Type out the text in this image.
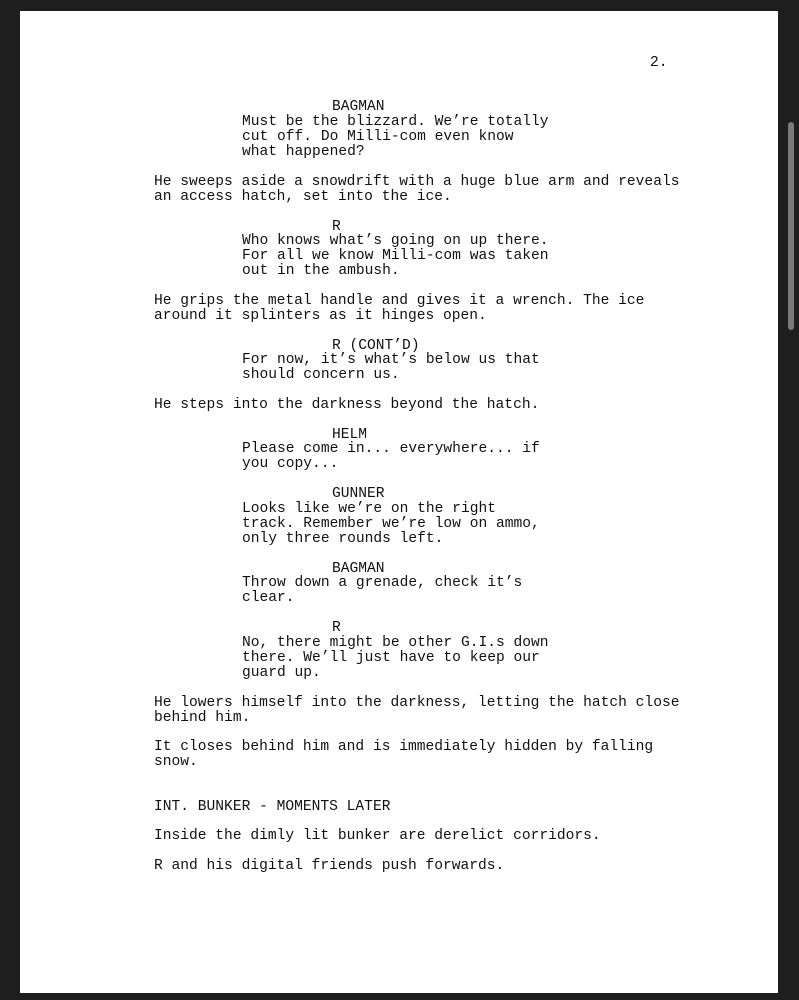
2.
BAGMAN
Must be the blizzard. We’re totally
cut off. Do Milli-com even know
what happened?
He sweeps aside a snowdrift with a huge blue arm and reveals
an access hatch, set into the ice.
R
Who knows what’s going on up there.
For all we know Milli-com was taken
out in the ambush.
He grips the metal handle and gives it a wrench. The ice
around it splinters as it hinges open.
R (CONT’D)
For now, it’s what’s below us that
should concern us.
He steps into the darkness beyond the hatch.
HELM
Please come in... everywhere... if
you copy...
GUNNER
Looks like we’re on the right
track. Remember we’re low on ammo,
only three rounds left.
BAGMAN
Throw down a grenade, check it’s
clear.
R
No, there might be other G.I.s down
there. We’ll just have to keep our
guard up.
He lowers himself into the darkness, letting the hatch close
behind him.
It closes behind him and is immediately hidden by falling
snow.
INT. BUNKER - MOMENTS LATER
Inside the dimly lit bunker are derelict corridors.
R and his digital friends push forwards.
